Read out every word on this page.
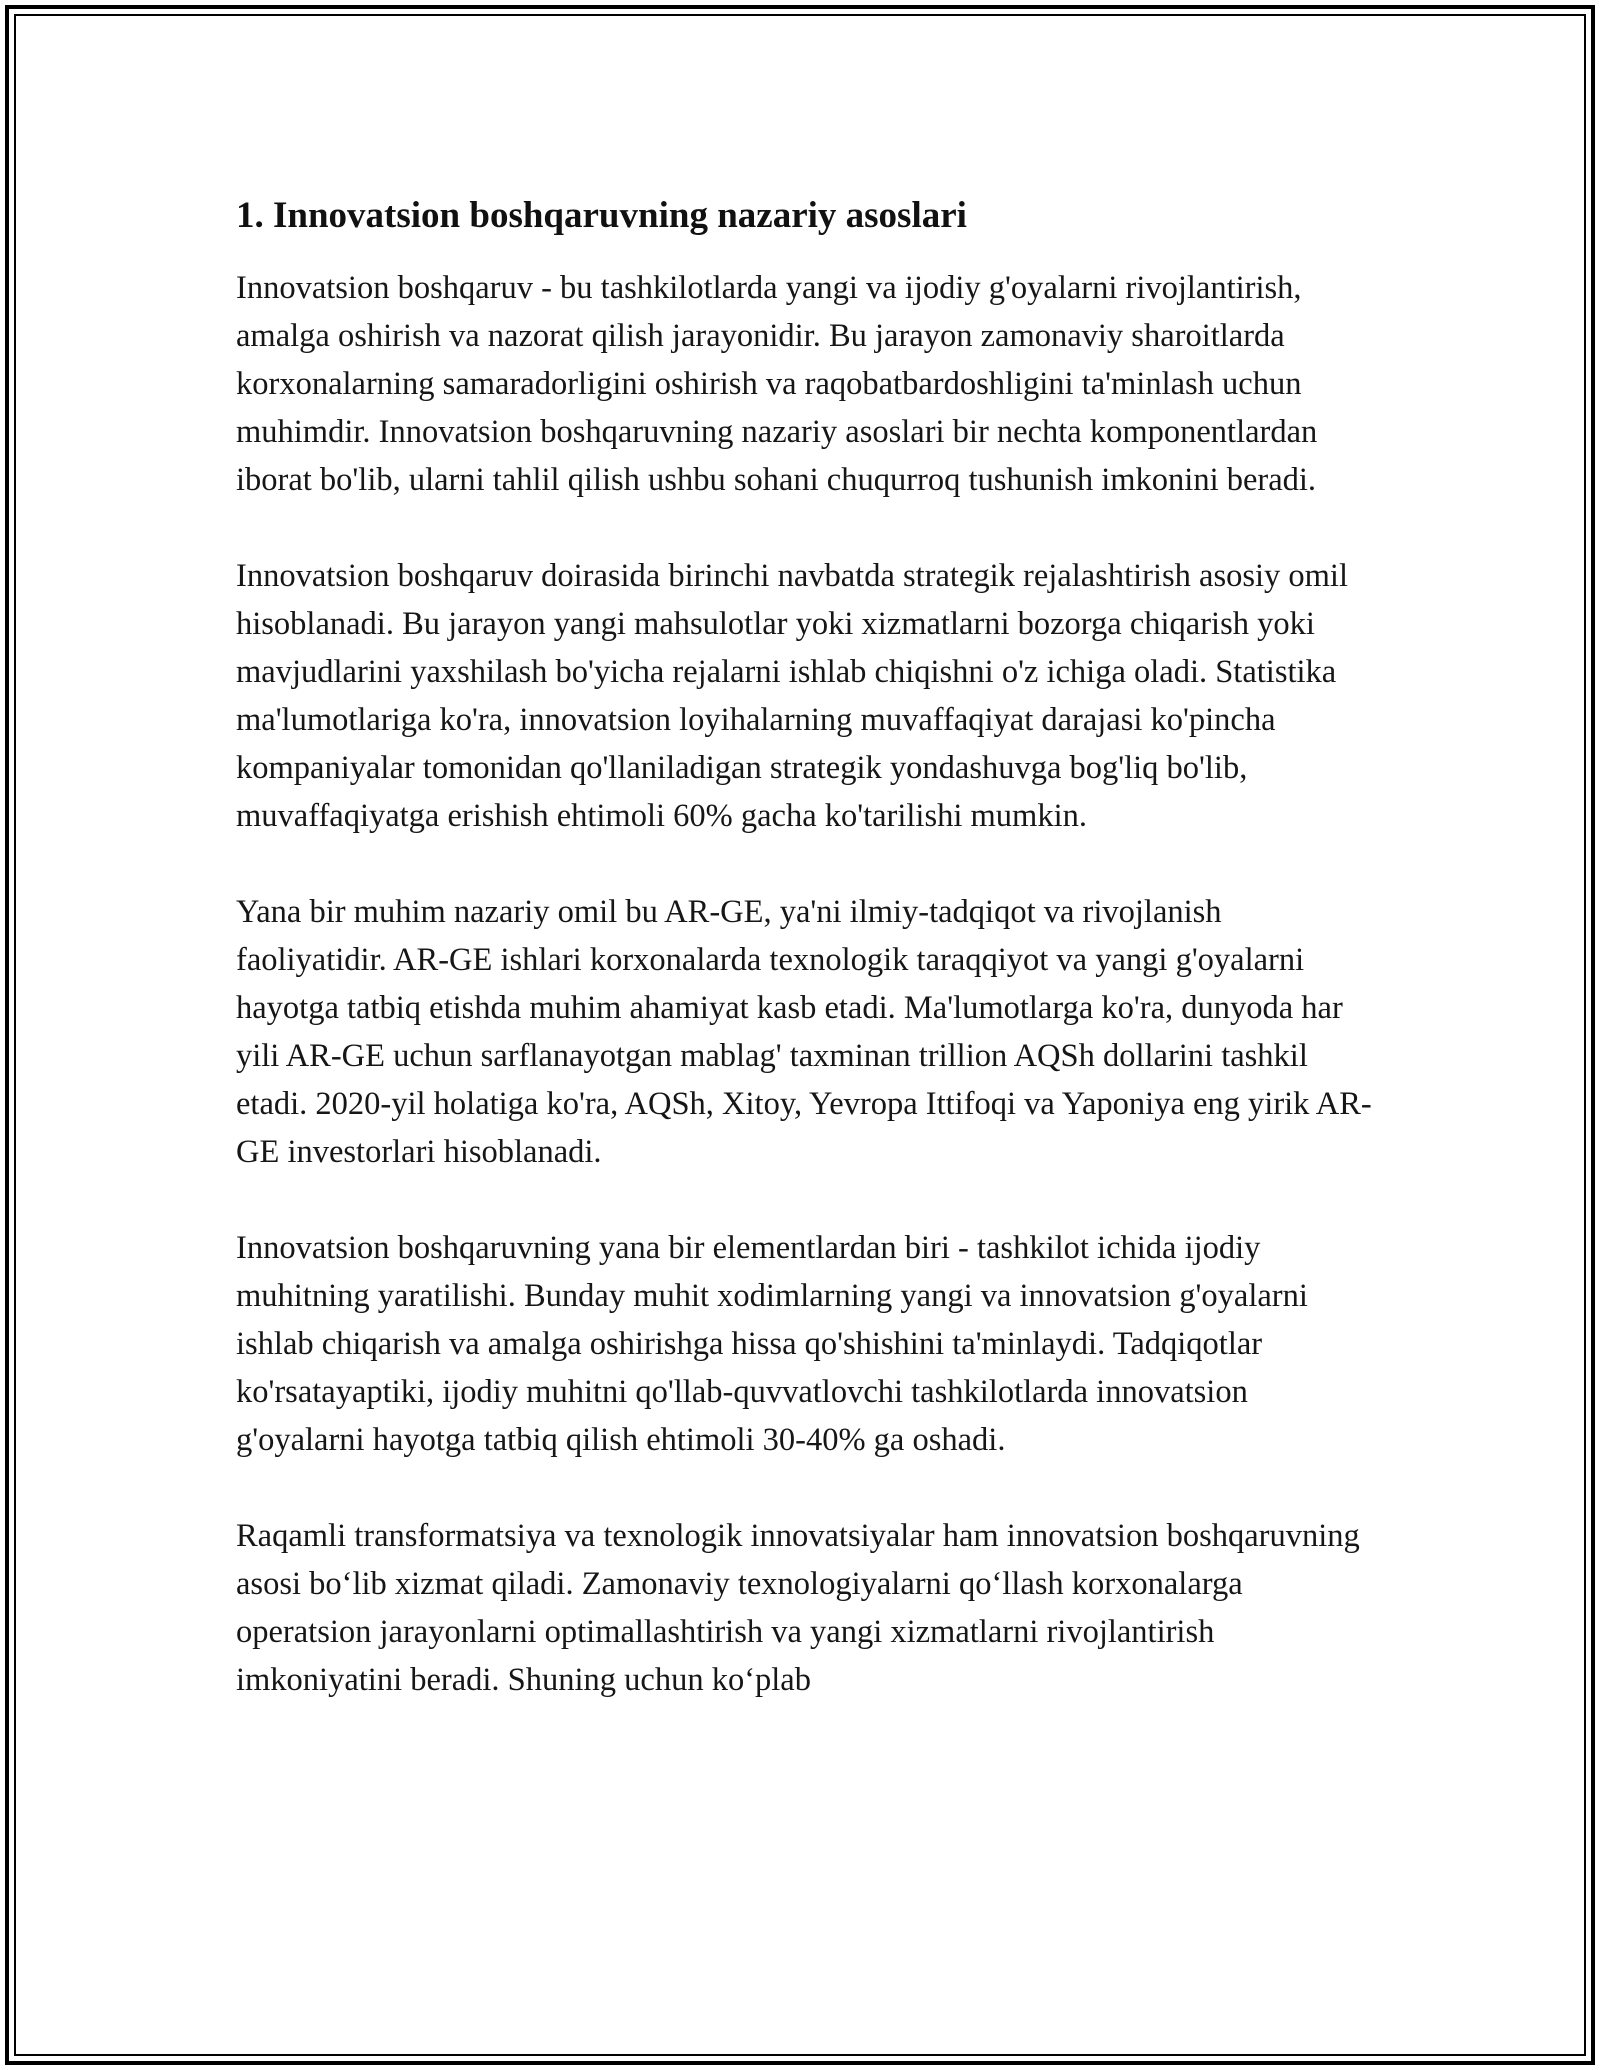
1. Innovatsion boshqaruvning nazariy asoslari

Innovatsion boshqaruv - bu tashkilotlarda yangi va ijodiy g'oyalarni rivojlantirish, amalga oshirish va nazorat qilish jarayonidir. Bu jarayon zamonaviy sharoitlarda korxonalarning samaradorligini oshirish va raqobatbardoshligini ta'minlash uchun muhimdir. Innovatsion boshqaruvning nazariy asoslari bir nechta komponentlardan iborat bo'lib, ularni tahlil qilish ushbu sohani chuqurroq tushunish imkonini beradi.

Innovatsion boshqaruv doirasida birinchi navbatda strategik rejalashtirish asosiy omil hisoblanadi. Bu jarayon yangi mahsulotlar yoki xizmatlarni bozorga chiqarish yoki mavjudlarini yaxshilash bo'yicha rejalarni ishlab chiqishni o'z ichiga oladi. Statistika ma'lumotlariga ko'ra, innovatsion loyihalarning muvaffaqiyat darajasi ko'pincha kompaniyalar tomonidan qo'llaniladigan strategik yondashuvga bog'liq bo'lib, muvaffaqiyatga erishish ehtimoli 60% gacha ko'tarilishi mumkin.

Yana bir muhim nazariy omil bu AR-GE, ya'ni ilmiy-tadqiqot va rivojlanish faoliyatidir. AR-GE ishlari korxonalarda texnologik taraqqiyot va yangi g'oyalarni hayotga tatbiq etishda muhim ahamiyat kasb etadi. Ma'lumotlarga ko'ra, dunyoda har yili AR-GE uchun sarflanayotgan mablag' taxminan trillion AQSh dollarini tashkil etadi. 2020-yil holatiga ko'ra, AQSh, Xitoy, Yevropa Ittifoqi va Yaponiya eng yirik AR-GE investorlari hisoblanadi.

Innovatsion boshqaruvning yana bir elementlardan biri - tashkilot ichida ijodiy muhitning yaratilishi. Bunday muhit xodimlarning yangi va innovatsion g'oyalarni ishlab chiqarish va amalga oshirishga hissa qo'shishini ta'minlaydi. Tadqiqotlar ko'rsatayaptiki, ijodiy muhitni qo'llab-quvvatlovchi tashkilotlarda innovatsion g'oyalarni hayotga tatbiq qilish ehtimoli 30-40% ga oshadi.

Raqamli transformatsiya va texnologik innovatsiyalar ham innovatsion boshqaruvning asosi bo‘lib xizmat qiladi. Zamonaviy texnologiyalarni qo‘llash korxonalarga operatsion jarayonlarni optimallashtirish va yangi xizmatlarni rivojlantirish imkoniyatini beradi. Shuning uchun ko‘plab
